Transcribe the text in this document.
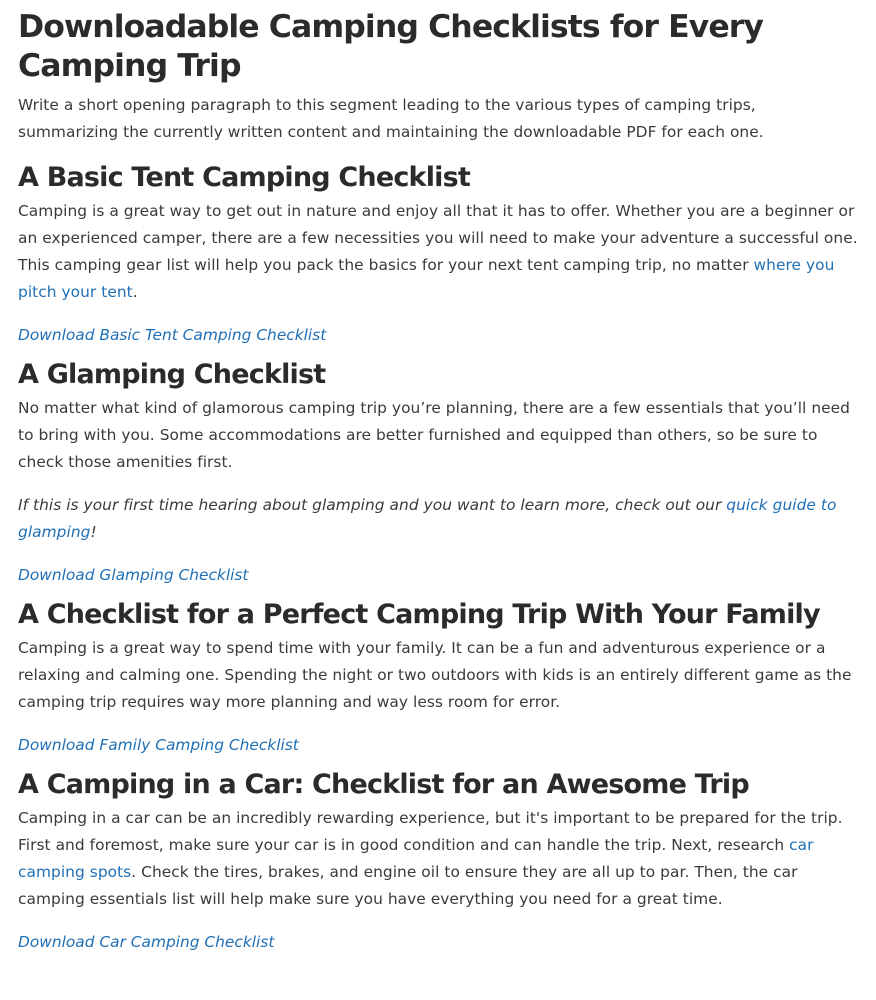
Downloadable Camping Checklists for Every Camping Trip

Write a short opening paragraph to this segment leading to the various types of camping trips, summarizing the currently written content and maintaining the downloadable PDF for each one.

A Basic Tent Camping Checklist

Camping is a great way to get out in nature and enjoy all that it has to offer. Whether you are a beginner or an experienced camper, there are a few necessities you will need to make your adventure a successful one. This camping gear list will help you pack the basics for your next tent camping trip, no matter where you pitch your tent.

Download Basic Tent Camping Checklist
A Glamping Checklist

No matter what kind of glamorous camping trip you’re planning, there are a few essentials that you’ll need to bring with you. Some accommodations are better furnished and equipped than others, so be sure to check those amenities first.

If this is your first time hearing about glamping and you want to learn more, check out our quick guide to glamping!

Download Glamping Checklist
A Checklist for a Perfect Camping Trip With Your Family

Camping is a great way to spend time with your family. It can be a fun and adventurous experience or a relaxing and calming one. Spending the night or two outdoors with kids is an entirely different game as the camping trip requires way more planning and way less room for error.

Download Family Camping Checklist
A Camping in a Car: Checklist for an Awesome Trip

Camping in a car can be an incredibly rewarding experience, but it's important to be prepared for the trip. First and foremost, make sure your car is in good condition and can handle the trip. Next, research car camping spots. Check the tires, brakes, and engine oil to ensure they are all up to par. Then, the car camping essentials list will help make sure you have everything you need for a great time.

Download Car Camping Checklist
